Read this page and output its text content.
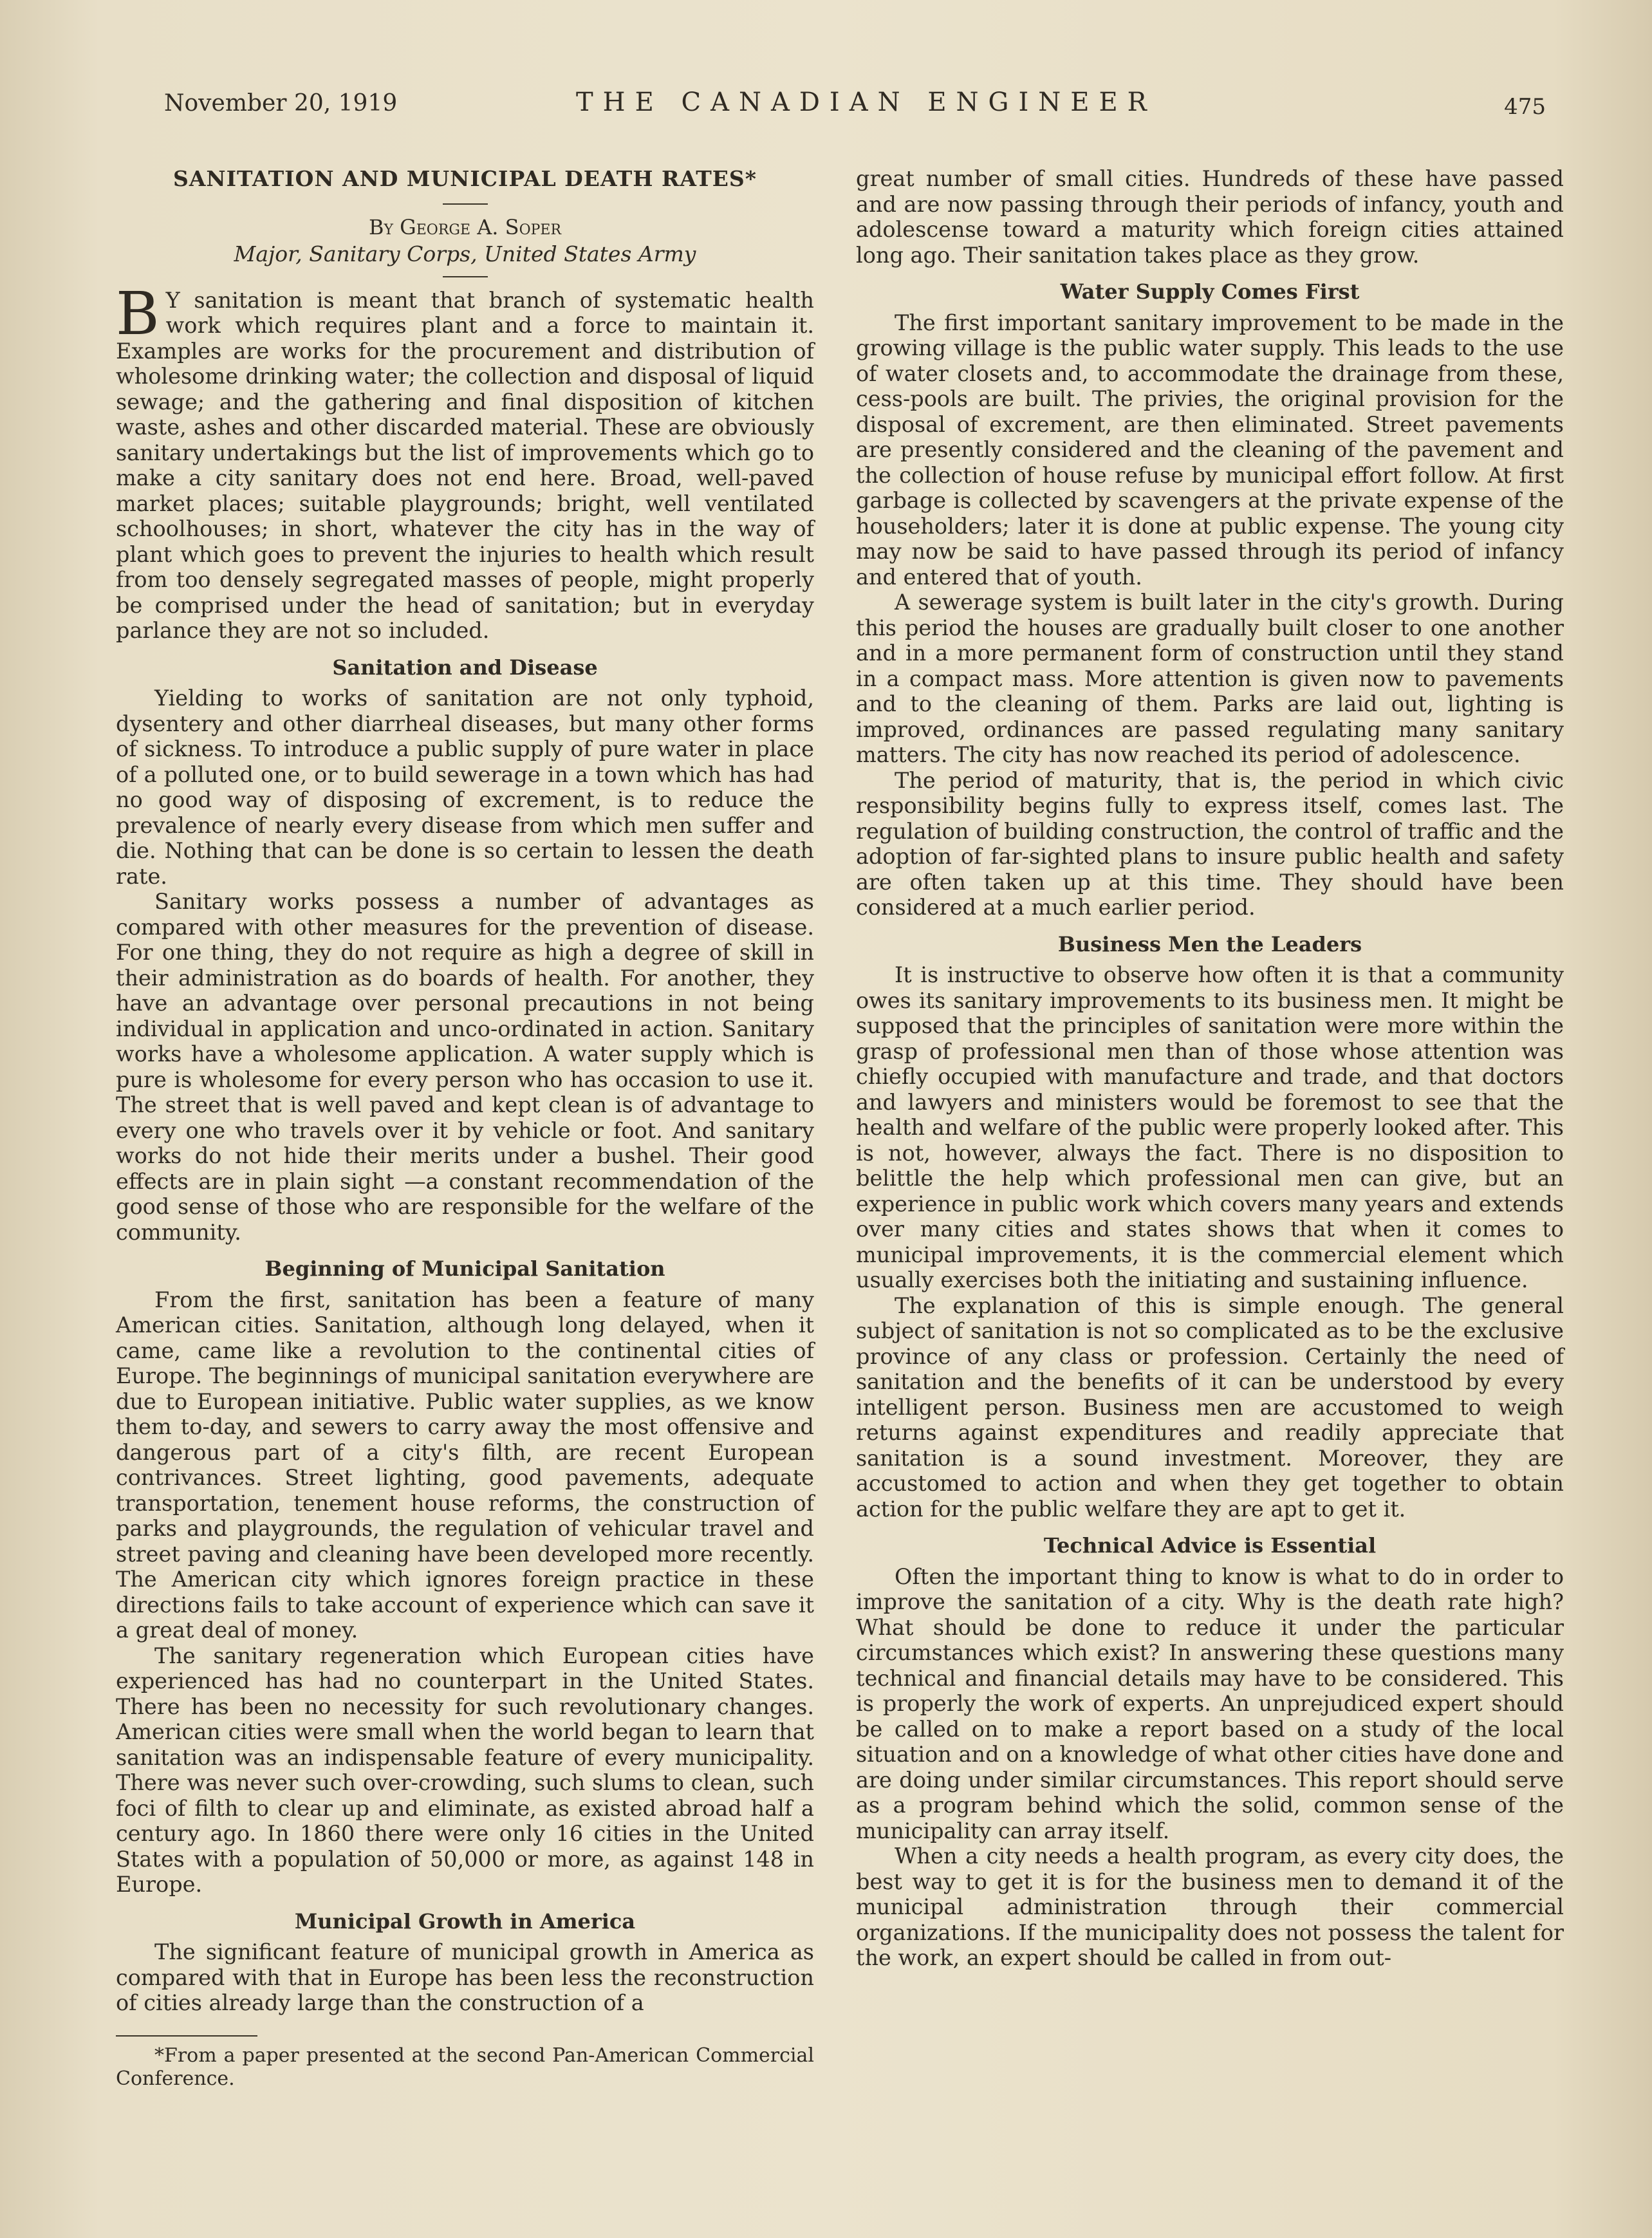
November 20, 1919	THE CANADIAN ENGINEER	475
SANITATION AND MUNICIPAL DEATH RATES*
By George A. Soper
Major, Sanitary Corps, United States Army

B Y sanitation is meant that branch of systematic health work which requires plant and a force to maintain it. Examples are works for the procurement and distribution of wholesome drinking water; the collection and disposal of liquid sewage; and the gathering and final disposition of kitchen waste, ashes and other discarded material. These are obviously sanitary undertakings but the list of improvements which go to make a city sanitary does not end here. Broad, well-paved market places; suitable playgrounds; bright, well ventilated schoolhouses; in short, whatever the city has in the way of plant which goes to prevent the injuries to health which result from too densely segregated masses of people, might properly be comprised under the head of sanitation; but in everyday parlance they are not so included.

Sanitation and Disease

Yielding to works of sanitation are not only typhoid, dysentery and other diarrheal diseases, but many other forms of sickness. To introduce a public supply of pure water in place of a polluted one, or to build sewerage in a town which has had no good way of disposing of excrement, is to reduce the prevalence of nearly every disease from which men suffer and die. Nothing that can be done is so certain to lessen the death rate.

Sanitary works possess a number of advantages as compared with other measures for the prevention of disease. For one thing, they do not require as high a degree of skill in their administration as do boards of health. For another, they have an advantage over personal precautions in not being individual in application and unco-ordinated in action. Sanitary works have a wholesome application. A water supply which is pure is wholesome for every person who has occasion to use it. The street that is well paved and kept clean is of advantage to every one who travels over it by vehicle or foot. And sanitary works do not hide their merits under a bushel. Their good effects are in plain sight —a constant recommendation of the good sense of those who are responsible for the welfare of the community.

Beginning of Municipal Sanitation

From the first, sanitation has been a feature of many American cities. Sanitation, although long delayed, when it came, came like a revolution to the continental cities of Europe. The beginnings of municipal sanitation everywhere are due to European initiative. Public water supplies, as we know them to-day, and sewers to carry away the most offensive and dangerous part of a city's filth, are recent European contrivances. Street lighting, good pavements, adequate transportation, tenement house reforms, the construction of parks and playgrounds, the regulation of vehicular travel and street paving and cleaning have been developed more recently. The American city which ignores foreign practice in these directions fails to take account of experience which can save it a great deal of money.

The sanitary regeneration which European cities have experienced has had no counterpart in the United States. There has been no necessity for such revolutionary changes. American cities were small when the world began to learn that sanitation was an indispensable feature of every municipality. There was never such over-crowding, such slums to clean, such foci of filth to clear up and eliminate, as existed abroad half a century ago. In 1860 there were only 16 cities in the United States with a population of 50,000 or more, as against 148 in Europe.

Municipal Growth in America

The significant feature of municipal growth in America as compared with that in Europe has been less the reconstruction of cities already large than the construction of a

*From a paper presented at the second Pan-American Commercial Conference.

great number of small cities. Hundreds of these have passed and are now passing through their periods of infancy, youth and adolescense toward a maturity which foreign cities attained long ago. Their sanitation takes place as they grow.

Water Supply Comes First

The first important sanitary improvement to be made in the growing village is the public water supply. This leads to the use of water closets and, to accommodate the drainage from these, cess-pools are built. The privies, the original provision for the disposal of excrement, are then eliminated. Street pavements are presently considered and the cleaning of the pavement and the collection of house refuse by municipal effort follow. At first garbage is collected by scavengers at the private expense of the householders; later it is done at public expense. The young city may now be said to have passed through its period of infancy and entered that of youth.

A sewerage system is built later in the city's growth. During this period the houses are gradually built closer to one another and in a more permanent form of construction until they stand in a compact mass. More attention is given now to pavements and to the cleaning of them. Parks are laid out, lighting is improved, ordinances are passed regulating many sanitary matters. The city has now reached its period of adolescence.

The period of maturity, that is, the period in which civic responsibility begins fully to express itself, comes last. The regulation of building construction, the control of traffic and the adoption of far-sighted plans to insure public health and safety are often taken up at this time. They should have been considered at a much earlier period.

Business Men the Leaders

It is instructive to observe how often it is that a community owes its sanitary improvements to its business men. It might be supposed that the principles of sanitation were more within the grasp of professional men than of those whose attention was chiefly occupied with manufacture and trade, and that doctors and lawyers and ministers would be foremost to see that the health and welfare of the public were properly looked after. This is not, however, always the fact. There is no disposition to belittle the help which professional men can give, but an experience in public work which covers many years and extends over many cities and states shows that when it comes to municipal improvements, it is the commercial element which usually exercises both the initiating and sustaining influence.

The explanation of this is simple enough. The general subject of sanitation is not so complicated as to be the exclusive province of any class or profession. Certainly the need of sanitation and the benefits of it can be understood by every intelligent person. Business men are accustomed to weigh returns against expenditures and readily appreciate that sanitation is a sound investment. Moreover, they are accustomed to action and when they get together to obtain action for the public welfare they are apt to get it.

Technical Advice is Essential

Often the important thing to know is what to do in order to improve the sanitation of a city. Why is the death rate high? What should be done to reduce it under the particular circumstances which exist? In answering these questions many technical and financial details may have to be considered. This is properly the work of experts. An unprejudiced expert should be called on to make a report based on a study of the local situation and on a knowledge of what other cities have done and are doing under similar circumstances. This report should serve as a program behind which the solid, common sense of the municipality can array itself.

When a city needs a health program, as every city does, the best way to get it is for the business men to demand it of the municipal administration through their commercial organizations. If the municipality does not possess the talent for the work, an expert should be called in from out-
